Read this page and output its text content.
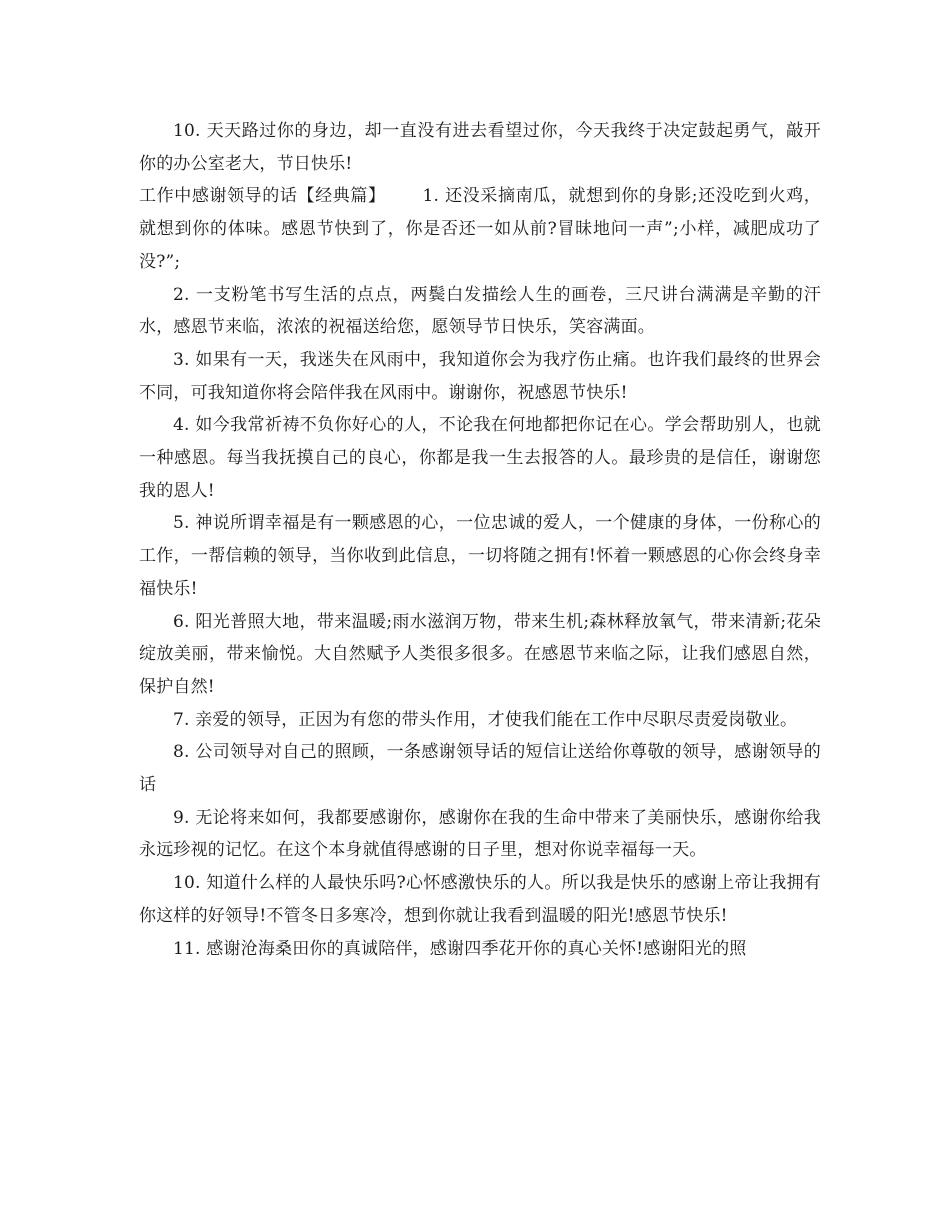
10. 天天路过你的身边，却一直没有进去看望过你，今天我终于决定鼓起勇气，敲开你的办公室老大，节日快乐!

工作中感谢领导的话【经典篇】　　1. 还没采摘南瓜，就想到你的身影;还没吃到火鸡，就想到你的体味。感恩节快到了，你是否还一如从前?冒昧地问一声”;小样，减肥成功了没?”;

2. 一支粉笔书写生活的点点，两鬓白发描绘人生的画卷，三尺讲台满满是辛勤的汗水，感恩节来临，浓浓的祝福送给您，愿领导节日快乐，笑容满面。

3. 如果有一天，我迷失在风雨中，我知道你会为我疗伤止痛。也许我们最终的世界会不同，可我知道你将会陪伴我在风雨中。谢谢你，祝感恩节快乐!

4. 如今我常祈祷不负你好心的人，不论我在何地都把你记在心。学会帮助别人，也就一种感恩。每当我抚摸自己的良心，你都是我一生去报答的人。最珍贵的是信任，谢谢您我的恩人!

5. 神说所谓幸福是有一颗感恩的心，一位忠诚的爱人，一个健康的身体，一份称心的工作，一帮信赖的领导，当你收到此信息，一切将随之拥有!怀着一颗感恩的心你会终身幸福快乐!

6. 阳光普照大地，带来温暖;雨水滋润万物，带来生机;森林释放氧气，带来清新;花朵绽放美丽，带来愉悦。大自然赋予人类很多很多。在感恩节来临之际，让我们感恩自然，保护自然!

7. 亲爱的领导，正因为有您的带头作用，才使我们能在工作中尽职尽责爱岗敬业。

8. 公司领导对自己的照顾，一条感谢领导话的短信让送给你尊敬的领导，感谢领导的话

9. 无论将来如何，我都要感谢你，感谢你在我的生命中带来了美丽快乐，感谢你给我永远珍视的记忆。在这个本身就值得感谢的日子里，想对你说幸福每一天。

10. 知道什么样的人最快乐吗?心怀感激快乐的人。所以我是快乐的感谢上帝让我拥有你这样的好领导!不管冬日多寒冷，想到你就让我看到温暖的阳光!感恩节快乐!

11. 感谢沧海桑田你的真诚陪伴，感谢四季花开你的真心关怀!感谢阳光的照
